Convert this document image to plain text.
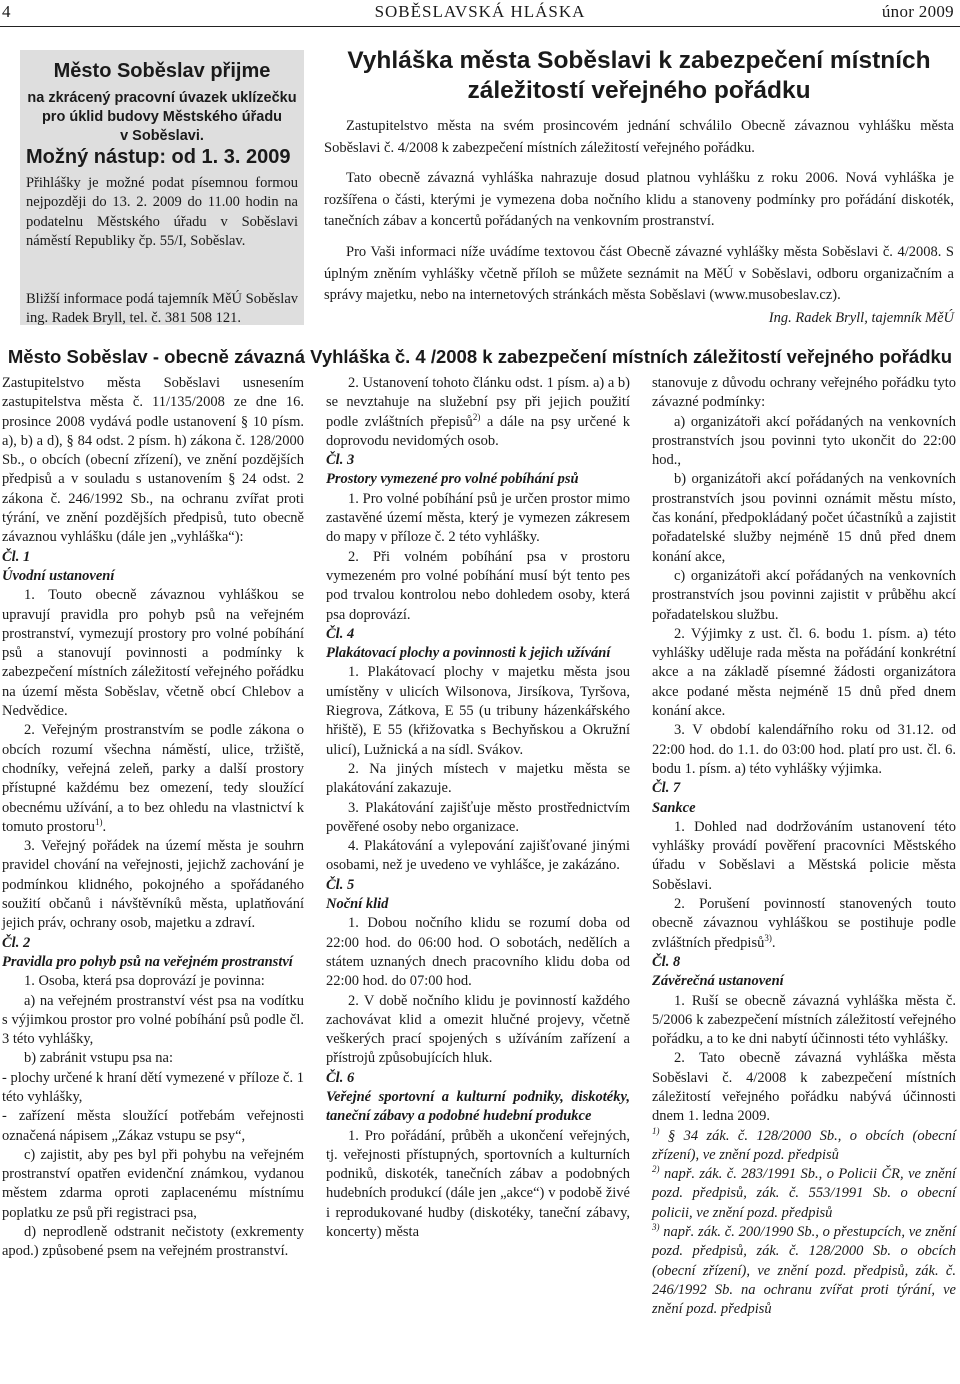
SOBĚSLAVSKÁ HLÁSKA
4	únor 2009
Město Soběslav přijme
na zkrácený pracovní úvazek uklízečku
pro úklid budovy Městského úřadu
v Soběslavi.
Možný nástup: od 1. 3. 2009
Přihlášky je možné podat písemnou formou nejpozději do 13. 2. 2009 do 11.00 hodin na podatelnu Městského úřadu v Soběslavi náměstí Republiky čp. 55/I, Soběslav.
Bližší informace podá tajemník MěÚ Soběslav ing. Radek Bryll, tel. č. 381 508 121.
Vyhláška města Soběslavi k zabezpečení místních záležitostí veřejného pořádku
Zastupitelstvo města na svém prosincovém jednání schválilo Obecně závaznou vyhlášku města Soběslavi č. 4/2008 k zabezpečení místních záležitostí veřejného pořádku.
Tato obecně závazná vyhláška nahrazuje dosud platnou vyhlášku z roku 2006. Nová vyhláška je rozšířena o části, kterými je vymezena doba nočního klidu a stanoveny podmínky pro pořádání diskoték, tanečních zábav a koncertů pořádaných na venkovním prostranství.
Pro Vaši informaci níže uvádíme textovou část Obecně závazné vyhlášky města Soběslavi č. 4/2008. S úplným zněním vyhlášky včetně příloh se můžete seznámit na MěÚ v Soběslavi, odboru organizačním a správy majetku, nebo na internetových stránkách města Soběslavi (www.musobeslav.cz).
Ing. Radek Bryll, tajemník MěÚ
Město Soběslav - obecně závazná Vyhláška č. 4 /2008 k zabezpečení místních záležitostí veřejného pořádku

Zastupitelstvo města Soběslavi usnesením zastupitelstva města č. 11/135/2008 ze dne 16. prosince 2008 vydává podle ustanovení § 10 písm. a), b) a d), § 84 odst. 2 písm. h) zákona č. 128/2000 Sb., o obcích (obecní zřízení), ve znění pozdějších předpisů a v souladu s ustanovením § 24 odst. 2 zákona č. 246/1992 Sb., na ochranu zvířat proti týrání, ve znění pozdějších předpisů, tuto obecně závaznou vyhlášku (dále jen „vyhláška“):

Čl. 1

Úvodní ustanovení

1. Touto obecně závaznou vyhláškou se upravují pravidla pro pohyb psů na veřejném prostranství, vymezují prostory pro volné pobíhání psů a stanovují povinnosti a podmínky k zabezpečení místních záležitostí veřejného pořádku na území města Soběslav, včetně obcí Chlebov a Nedvědice.

2. Veřejným prostranstvím se podle zákona o obcích rozumí všechna náměstí, ulice, tržiště, chodníky, veřejná zeleň, parky a další prostory přístupné každému bez omezení, tedy sloužící obecnému užívání, a to bez ohledu na vlastnictví k tomuto prostoru$^{1)}$.

3. Veřejný pořádek na území města je souhrn pravidel chování na veřejnosti, jejichž zachování je podmínkou klidného, pokojného a spořádaného soužití občanů i návštěvníků města, uplatňování jejich práv, ochrany osob, majetku a zdraví.

Čl. 2

Pravidla pro pohyb psů na veřejném prostranství

1. Osoba, která psa doprovází je povinna:

a) na veřejném prostranství vést psa na vodítku s výjimkou prostor pro volné pobíhání psů podle čl. 3 této vyhlášky,

b) zabránit vstupu psa na:

- plochy určené k hraní dětí vymezené v příloze č. 1 této vyhlášky,

- zařízení města sloužící potřebám veřejnosti označená nápisem „Zákaz vstupu se psy“,

c) zajistit, aby pes byl při pohybu na veřejném prostranství opatřen evidenční známkou, vydanou městem zdarma oproti zaplacenému místnímu poplatku ze psů při registraci psa,

d) neprodleně odstranit nečistoty (exkrementy apod.) způsobené psem na veřejném prostranství.

2. Ustanovení tohoto článku odst. 1 písm. a) a b) se nevztahuje na služební psy při jejich použití podle zvláštních přepisů$^{2)}$ a dále na psy určené k doprovodu nevidomých osob.

Čl. 3

Prostory vymezené pro volné pobíhání psů

1. Pro volné pobíhání psů je určen prostor mimo zastavěné území města, který je vymezen zákresem do mapy v příloze č. 2 této vyhlášky.

2. Při volném pobíhání psa v prostoru vymezeném pro volné pobíhání musí být tento pes pod trvalou kontrolou nebo dohledem osoby, která psa doprovází.

Čl. 4

Plakátovací plochy a povinnosti k jejich užívání

1. Plakátovací plochy v majetku města jsou umístěny v ulicích Wilsonova, Jirsíkova, Tyršova, Riegrova, Zátkova, E 55 (u tribuny házenkářského hřiště), E 55 (křižovatka s Bechyňskou a Okružní ulicí), Lužnická a na sídl. Svákov.

2. Na jiných místech v majetku města se plakátování zakazuje.

3. Plakátování zajišťuje město prostřednictvím pověřené osoby nebo organizace.

4. Plakátování a vylepování zajišťované jinými osobami, než je uvedeno ve vyhlášce, je zakázáno.

Čl. 5

Noční klid

1. Dobou nočního klidu se rozumí doba od 22:00 hod. do 06:00 hod. O sobotách, nedělích a státem uznaných dnech pracovního klidu doba od 22:00 hod. do 07:00 hod.

2. V době nočního klidu je povinností každého zachovávat klid a omezit hlučné projevy, včetně veškerých prací spojených s užíváním zařízení a přístrojů způsobujících hluk.

Čl. 6

Veřejné sportovní a kulturní podniky, diskotéky, taneční zábavy a podobné hudební produkce

1. Pro pořádání, průběh a ukončení veřejných, tj. veřejnosti přístupných, sportovních a kulturních podniků, diskoték, tanečních zábav a podobných hudebních produkcí (dále jen „akce“) v podobě živé i reprodukované hudby (diskotéky, taneční zábavy, koncerty) města

stanovuje z důvodu ochrany veřejného pořádku tyto závazné podmínky:

a) organizátoři akcí pořádaných na venkovních prostranstvích jsou povinni tyto ukončit do 22:00 hod.,

b) organizátoři akcí pořádaných na venkovních prostranstvích jsou povinni oznámit městu místo, čas konání, předpokládaný počet účastníků a zajistit pořadatelské služby nejméně 15 dnů před dnem konání akce,

c) organizátoři akcí pořádaných na venkovních prostranstvích jsou povinni zajistit v průběhu akcí pořadatelskou službu.

2. Výjimky z ust. čl. 6. bodu 1. písm. a) této vyhlášky uděluje rada města na pořádání konkrétní akce a na základě písemné žádosti organizátora akce podané města nejméně 15 dnů před dnem konání akce.

3. V období kalendářního roku od 31.12. od 22:00 hod. do 1.1. do 03:00 hod. platí pro ust. čl. 6. bodu 1. písm. a) této vyhlášky výjimka.

Čl. 7

Sankce

1. Dohled nad dodržováním ustanovení této vyhlášky provádí pověření pracovníci Městského úřadu v Soběslavi a Městská policie města Soběslavi.

2. Porušení povinností stanovených touto obecně závaznou vyhláškou se postihuje podle zvláštních předpisů$^{3)}$.

Čl. 8

Závěrečná ustanovení

1. Ruší se obecně závazná vyhláška města č. 5/2006 k zabezpečení místních záležitostí veřejného pořádku, a to ke dni nabytí účinnosti této vyhlášky.

2. Tato obecně závazná vyhláška města Soběslavi č. 4/2008 k zabezpečení místních záležitostí veřejného pořádku nabývá účinnosti dnem 1. ledna 2009.

$^{1)}$ § 34 zák. č. 128/2000 Sb., o obcích (obecní zřízení), ve znění pozd. předpisů

$^{2)}$ např. zák. č. 283/1991 Sb., o Policii ČR, ve znění pozd. předpisů, zák. č. 553/1991 Sb. o obecní policii, ve znění pozd. předpisů

$^{3)}$ např. zák. č. 200/1990 Sb., o přestupcích, ve znění pozd. předpisů, zák. č. 128/2000 Sb. o obcích (obecní zřízení), ve znění pozd. předpisů, zák. č. 246/1992 Sb. na ochranu zvířat proti týrání, ve znění pozd. předpisů
